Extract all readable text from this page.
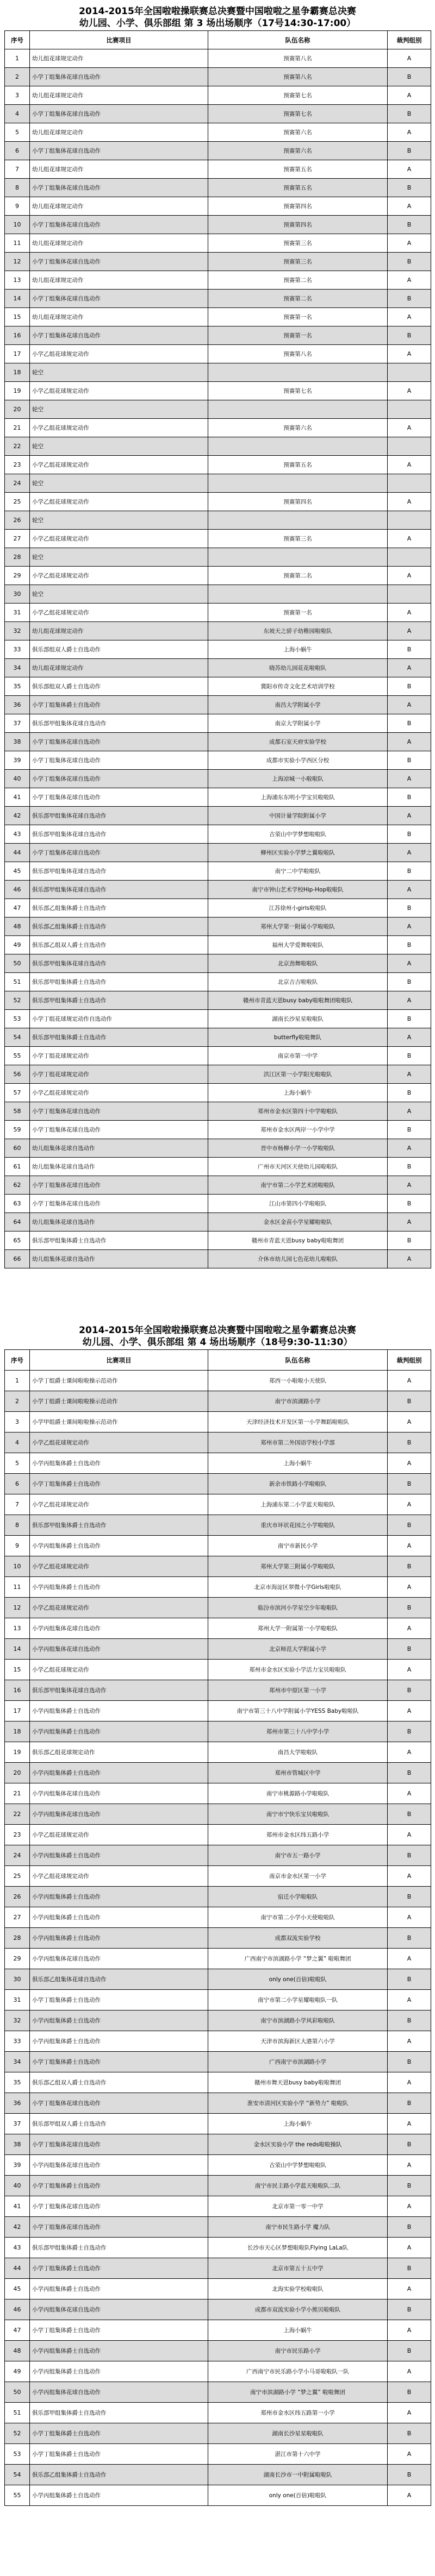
2014-2015年全国啦啦操联赛总决赛暨中国啦啦之星争霸赛总决赛
幼儿园、小学、俱乐部组 第 3 场出场顺序（17号14:30-17:00）
序号	比赛项目	队伍名称	裁判组别
1	幼儿组花球规定动作	预赛第八名	A
2	小学丁组集体花球自选动作	预赛第八名	B
3	幼儿组花球规定动作	预赛第七名	A
4	小学丁组集体花球自选动作	预赛第七名	B
5	幼儿组花球规定动作	预赛第六名	A
6	小学丁组集体花球自选动作	预赛第六名	B
7	幼儿组花球规定动作	预赛第五名	A
8	小学丁组集体花球自选动作	预赛第五名	B
9	幼儿组花球规定动作	预赛第四名	A
10	小学丁组集体花球自选动作	预赛第四名	B
11	幼儿组花球规定动作	预赛第三名	A
12	小学丁组集体花球自选动作	预赛第三名	B
13	幼儿组花球规定动作	预赛第二名	A
14	小学丁组集体花球自选动作	预赛第二名	B
15	幼儿组花球规定动作	预赛第一名	A
16	小学丁组集体花球自选动作	预赛第一名	B
17	小学乙组花球规定动作	预赛第八名	A
18	轮空		
19	小学乙组花球规定动作	预赛第七名	A
20	轮空		
21	小学乙组花球规定动作	预赛第六名	A
22	轮空		
23	小学乙组花球规定动作	预赛第五名	A
24	轮空		
25	小学乙组花球规定动作	预赛第四名	A
26	轮空		
27	小学乙组花球规定动作	预赛第三名	A
28	轮空		
29	小学乙组花球规定动作	预赛第二名	A
30	轮空		
31	小学乙组花球规定动作	预赛第一名	A
32	幼儿组花球规定动作	东坡天之骄子幼稚园啦啦队	A
33	俱乐部组双人爵士自选动作	上海小蜗牛	B
34	幼儿组花球规定动作	晓苏幼儿园花花啦啦队	A
35	俱乐部组双人爵士自选动作	冀阳市传奇文化艺术培训学校	B
36	小学丁组集体爵士自选动作	南昌大学附属小学	A
37	俱乐部甲组集体花球自选动作	南京大学附属小学	B
38	小学丁组集体花球自选动作	成都石室天府实验学校	A
39	小学丁组集体花球自选动作	成都市实验小学西区分校	B
40	小学丁组集体花球自选动作	上海凉城一小啦啦队	A
41	小学丁组集体花球自选动作	上海浦东东明小学宝贝啦啦队	B
42	俱乐部甲组集体花球自选动作	中国计量学院附属小学	A
43	俱乐部甲组集体花球自选动作	古荥山中学梦想啦啦队	B
44	小学丁组集体花球自选动作	柳州区实验小学梦之翼啦啦队	A
45	俱乐部甲组集体花球自选动作	南宁二中学啦啦队	B
46	俱乐部甲组集体花球自选动作	南宁市钟山艺术学校Hip-Hop啦啦队	A
47	俱乐部乙组集体爵士自选动作	江苏徐州小girls啦啦队	B
48	俱乐部乙组集体爵士自选动作	郑州大学第一附属小学啦啦队	A
49	俱乐部乙组双人爵士自选动作	福州大学爱舞啦啦队	B
50	俱乐部甲组集体花球自选动作	北京劲舞啦啦队	A
51	俱乐部甲组集体爵士自选动作	北京吉吉啦啦队	B
52	俱乐部甲组集体爵士自选动作	赣州市青蓝天恩busy baby啦啦舞团啦啦队	A
53	小学丁组花球规定动作自选动作	湖南长沙星星啦啦队	B
54	俱乐部甲组集体爵士自选动作	butterfly啦啦舞队	A
55	小学丁组花球规定动作	南京市第一中学	B
56	小学丁组花球规定动作	洪江区第一小学阳光啦啦队	A
57	小学乙组花球规定动作	上海小蜗牛	B
58	小学丁组集体花球自选动作	郑州市金水区第四十中学啦啦队	A
59	小学丁组集体花球自选动作	郑州市金水区两岸一小学中学	B
60	幼儿组集体花球自选动作	晋中市杨柳小学一小学啦啦队	A
61	幼儿组集体花球自选动作	广州市天河区天使幼儿园啦啦队	B
62	小学丁组集体花球自选动作	南宁市第二小学艺术团啦啦队	A
63	小学丁组集体花球自选动作	江山市第四小学啦啦队	B
64	幼儿组集体花球自选动作	金水区金苗小学星耀啦啦队	A
65	俱乐部甲组集体爵士自选动作	赣州市青蓝天恩busy baby啦啦舞团	B
66	幼儿组集体花球自选动作	介休市幼儿园七色花幼儿啦啦队	A
2014-2015年全国啦啦操联赛总决赛暨中国啦啦之星争霸赛总决赛
幼儿园、小学、俱乐部组 第 4 场出场顺序（18号9:30-11:30）
序号	比赛项目	队伍名称	裁判组别
1	小学丁组爵士课间啦啦操示范动作	郑西一小啦啦小天使队	A
2	小学丁组爵士课间啦啦操示范动作	南宁市滨湖路小学	B
3	小学甲组爵士课间啦啦操示范动作	天津经济技术开发区第一小学舞蹈啦啦队	A
4	小学乙组花球规定动作	郑州市第二外国语学校小学部	B
5	小学丙组集体爵士自选动作	上海小蜗牛	A
6	小学丁组集体爵士自选动作	新余市铁路小学啦啦队	B
7	小学乙组花球规定动作	上海浦东第二小学蓝天啦啦队	A
8	俱乐部甲组集体爵士自选动作	重庆市环状花园之小学啦啦队	B
9	小学丙组集体爵士自选动作	南宁市新民小学	A
10	小学乙组花球规定动作	郑州大学第三附属小学啦啦队	B
11	小学丙组集体爵士自选动作	北京市海淀区翠微小学Girls啦啦队	A
12	小学乙组花球规定动作	临汾市滨河小学星空少年啦啦队	B
13	小学丙组集体花球自选动作	郑州大学一附属第一小学啦啦队	A
14	小学丙组集体花球自选动作	北京师范大学附属小学	B
15	小学乙组花球规定动作	郑州市金水区实验小学活力宝贝啦啦队	A
16	俱乐部甲组集体花球自选动作	郑州市中原区第一小学	B
17	小学丙组集体爵士自选动作	南宁市第三十八中学附属小学YESS Baby啦啦队	A
18	小学丙组集体爵士自选动作	郑州市第三十八中学小学	B
19	俱乐部乙组花球规定动作	南昌大学啦啦队	A
20	小学丙组集体爵士自选动作	郑州市管城区中学	B
21	小学丙组集体花球自选动作	南宁市桃源路小学啦啦队	A
22	小学丙组集体花球自选动作	南宁市宁快乐宝贝啦啦队	B
23	小学乙组花球规定动作	郑州市金水区纬五路小学	A
24	小学丙组集体爵士自选动作	南宁市五一路小学	B
25	小学乙组花球规定动作	南京市金水区第一小学	A
26	小学丙组集体爵士自选动作	宿迁小学啦啦队	B
27	小学丙组集体爵士自选动作	南宁市第二小学小天使啦啦队	A
28	小学丙组集体爵士自选动作	成都双流实验学校	B
29	小学丙组集体花球自选动作	广西南宁市滨湖路小学 “梦之翼” 啦啦舞团	A
30	俱乐部乙组集体花球自选动作	only one(百倍)啦啦队	B
31	小学丁组集体爵士自选动作	南宁市第二小学星耀啦啦队一队	A
32	小学丙组集体爵士自选动作	南宁市滨湖路小学风彩啦啦队	B
33	小学丙组集体爵士自选动作	天津市滨海新区大港第六小学	A
34	小学丁组集体爵士自选动作	广西南宁市滨湖路小学	B
35	俱乐部乙组双人爵士自选动作	赣州市舞天恩busy baby啦啦舞团	A
36	小学丁组集体花球自选动作	淮安市清河区实验小学 “新势力” 啦啦队	B
37	俱乐部甲组双人爵士自选动作	上海小蜗牛	A
38	小学丁组集体花球自选动作	金水区实验小学 the reds啦啦操队	B
39	小学丙组集体花球自选动作	古荥山中学梦想啦啦队	A
40	小学丁组集体爵士自选动作	南宁市民主路小学蓝天啦啦队二队	B
41	小学丁组集体花球自选动作	北京市第一零一中学	A
42	小学丁组集体花球自选动作	南宁市民生路小学 魔力队	B
43	俱乐部甲组集体爵士自选动作	长沙市天心区梦想啦啦队Flying LaLa队	A
44	小学丁组集体爵士自选动作	北京市第五十五中学	B
45	小学丙组集体爵士自选动作	北海实验学校啦啦队	A
46	小学丙组集体花球自选动作	成都市双流实验小学小熊贝啦啦队	B
47	小学丁组集体爵士自选动作	上海小蜗牛	A
48	小学丙组集体爵士自选动作	南宁市民乐路小学	B
49	小学丙组集体爵士自选动作	广西南宁市民乐路小学小马哥啦啦队一队	A
50	小学丙组集体花球自选动作	南宁市滨湖路小学 “梦之翼” 啦啦舞团	B
51	俱乐部甲组集体爵士自选动作	郑州市金水区纬五路第一小学	A
52	小学丁组集体爵士自选动作	湖南长沙星星啦啦队	B
53	小学丁组集体爵士自选动作	湛江市第十六中学	A
54	俱乐部乙组集体爵士自选动作	湖南长沙市一中附属啦啦队	B
55	小学丙组集体爵士自选动作	only one(百倍)啦啦队	A
